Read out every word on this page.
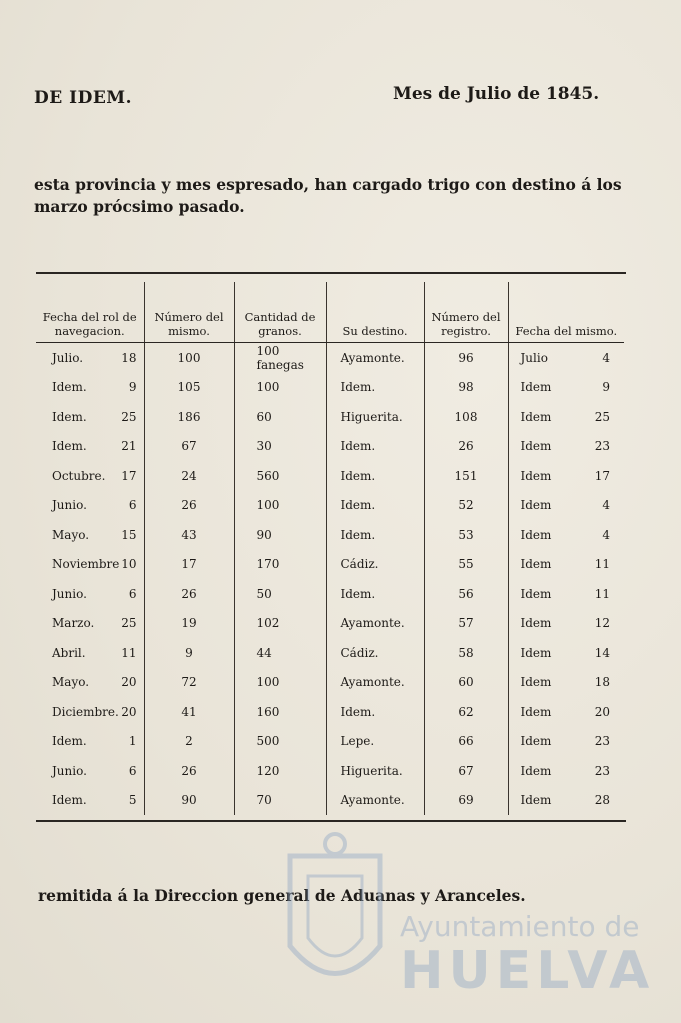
DE IDEM.	Mes de Julio de 1845.
esta provincia y mes espresado, han cargado trigo con destino á los
marzo prócsimo pasado.
Fecha del rol de navegacion.	Número del mismo.	Cantidad de granos.	Su destino.	Número del registro.	Fecha del mismo.

Julio. 18	100	100 fanegas	Ayamonte.	96	Julio 4

Idem. 9	105	100	Idem.	98	Idem 9

Idem. 25	186	60	Higuerita.	108	Idem 25

Idem. 21	67	30	Idem.	26	Idem 23

Octubre. 17	24	560	Idem.	151	Idem 17

Junio. 6	26	100	Idem.	52	Idem 4

Mayo. 15	43	90	Idem.	53	Idem 4

Noviembre 10	17	170	Cádiz.	55	Idem 11

Junio. 6	26	50	Idem.	56	Idem 11

Marzo. 25	19	102	Ayamonte.	57	Idem 12

Abril. 11	9	44	Cádiz.	58	Idem 14

Mayo. 20	72	100	Ayamonte.	60	Idem 18

Diciembre. 20	41	160	Idem.	62	Idem 20

Idem. 1	2	500	Lepe.	66	Idem 23

Junio. 6	26	120	Higuerita.	67	Idem 23

Idem. 5	90	70	Ayamonte.	69	Idem 28
remitida á la Direccion general de Aduanas y Aranceles.
Ayuntamiento de
HUELVA
